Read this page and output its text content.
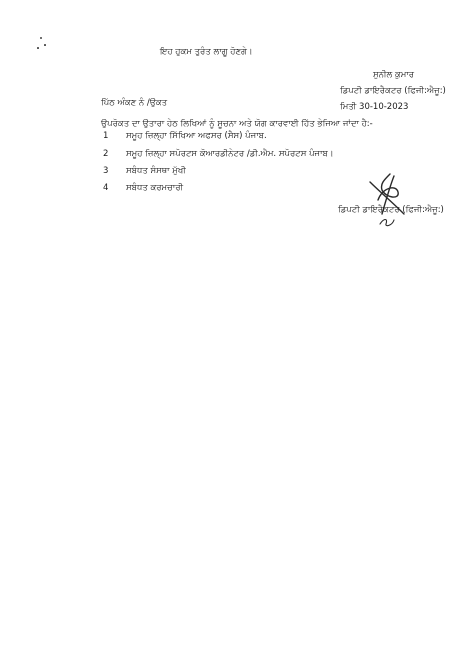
ਇਹ ਹੁਕਮ ਤੁਰੰਤ ਲਾਗੂ ਹੋਣਗੇ।
ਸੁਨੀਲ ਕੁਮਾਰ
ਡਿਪਟੀ ਡਾਇਰੈਕਟਰ (ਫਿਜੀ:ਐਜੂ:)
ਪਿੱਠ ਅੰਕਣ ਨੰ /ਉਕਤ	ਮਿਤੀ 30-10-2023
ਉਪਰੋਕਤ ਦਾ ਉਤਾਰਾ ਹੇਠ ਲਿਖਿਆਂ ਨੂੰ ਸੂਚਨਾ ਅਤੇ ਯੋਗ ਕਾਰਵਾਈ ਹਿੱਤ ਭੇਜਿਆ ਜਾਂਦਾ ਹੈ:-
1 ਸਮੂਹ ਜ਼ਿਲ੍ਹਾ ਸਿੱਖਿਆ ਅਫਸਰ (ਸੈਸ) ਪੰਜਾਬ.
2 ਸਮੂਹ ਜ਼ਿਲ੍ਹਾ ਸਪੋਰਟਸ ਕੋਆਰਡੀਨੇਟਰ /ਡੀ.ਐਮ. ਸਪੋਰਟਸ ਪੰਜਾਬ।
3 ਸਬੰਧਤ ਸੰਸਥਾ ਮੁੱਖੀ
4 ਸਬੰਧਤ ਕਰਮਚਾਰੀ
ਡਿਪਟੀ ਡਾਇਰੈਕਟਰ (ਫਿਜੀ:ਐਜੂ:)
